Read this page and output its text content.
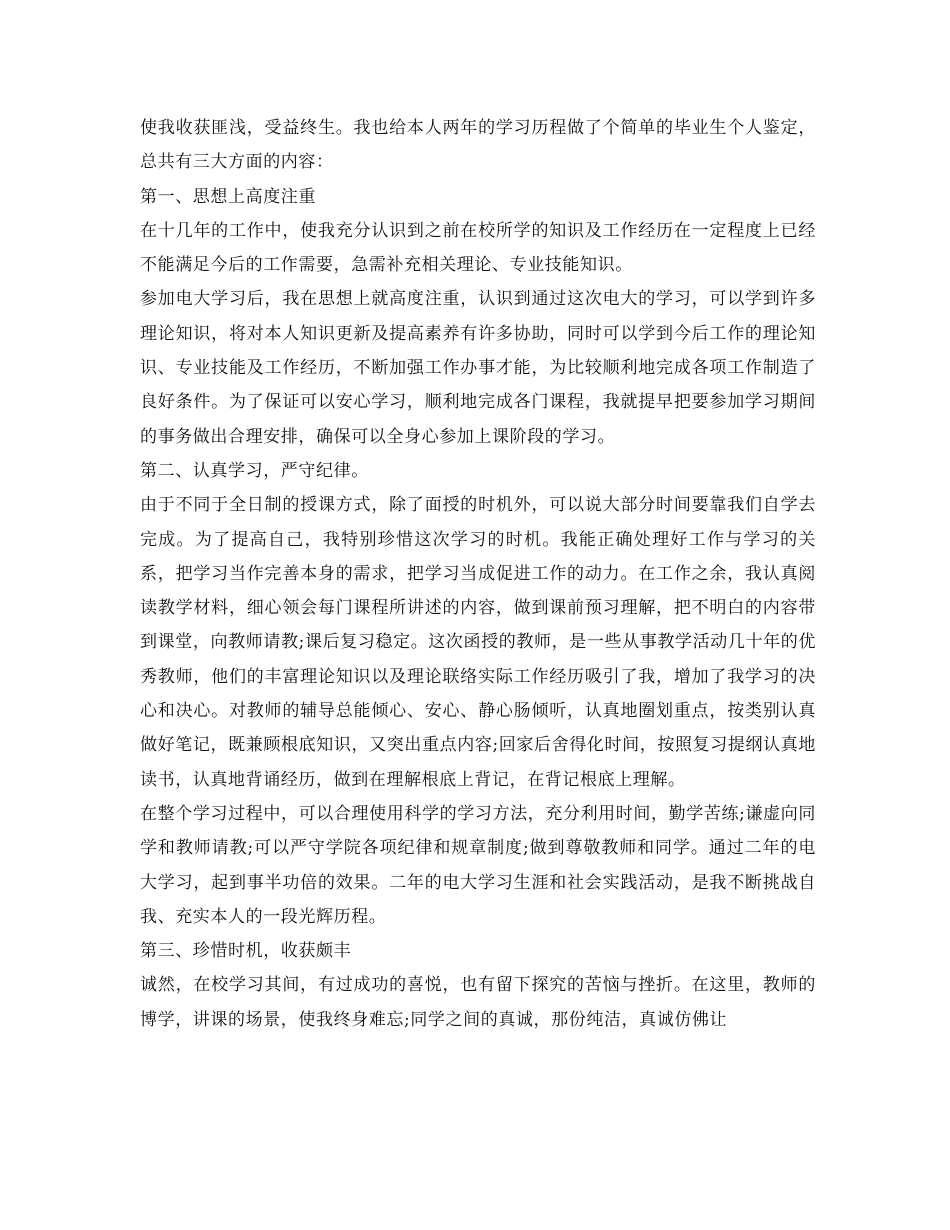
使我收获匪浅，受益终生。我也给本人两年的学习历程做了个简单的毕业生个人鉴定，总共有三大方面的内容：

第一、思想上高度注重

在十几年的工作中，使我充分认识到之前在校所学的知识及工作经历在一定程度上已经不能满足今后的工作需要，急需补充相关理论、专业技能知识。

参加电大学习后，我在思想上就高度注重，认识到通过这次电大的学习，可以学到许多理论知识，将对本人知识更新及提高素养有许多协助，同时可以学到今后工作的理论知识、专业技能及工作经历，不断加强工作办事才能，为比较顺利地完成各项工作制造了良好条件。为了保证可以安心学习，顺利地完成各门课程，我就提早把要参加学习期间的事务做出合理安排，确保可以全身心参加上课阶段的学习。

第二、认真学习，严守纪律。

由于不同于全日制的授课方式，除了面授的时机外，可以说大部分时间要靠我们自学去完成。为了提高自己，我特别珍惜这次学习的时机。我能正确处理好工作与学习的关系，把学习当作完善本身的需求，把学习当成促进工作的动力。在工作之余，我认真阅读教学材料，细心领会每门课程所讲述的内容，做到课前预习理解，把不明白的内容带到课堂，向教师请教;课后复习稳定。这次函授的教师，是一些从事教学活动几十年的优秀教师，他们的丰富理论知识以及理论联络实际工作经历吸引了我，增加了我学习的决心和决心。对教师的辅导总能倾心、安心、静心肠倾听，认真地圈划重点，按类别认真做好笔记，既兼顾根底知识，又突出重点内容;回家后舍得化时间，按照复习提纲认真地读书，认真地背诵经历，做到在理解根底上背记，在背记根底上理解。

在整个学习过程中，可以合理使用科学的学习方法，充分利用时间，勤学苦练;谦虚向同学和教师请教;可以严守学院各项纪律和规章制度;做到尊敬教师和同学。通过二年的电大学习，起到事半功倍的效果。二年的电大学习生涯和社会实践活动，是我不断挑战自我、充实本人的一段光辉历程。

第三、珍惜时机，收获颇丰

诚然，在校学习其间，有过成功的喜悦，也有留下探究的苦恼与挫折。在这里，教师的博学，讲课的场景，使我终身难忘;同学之间的真诚，那份纯洁，真诚仿佛让
